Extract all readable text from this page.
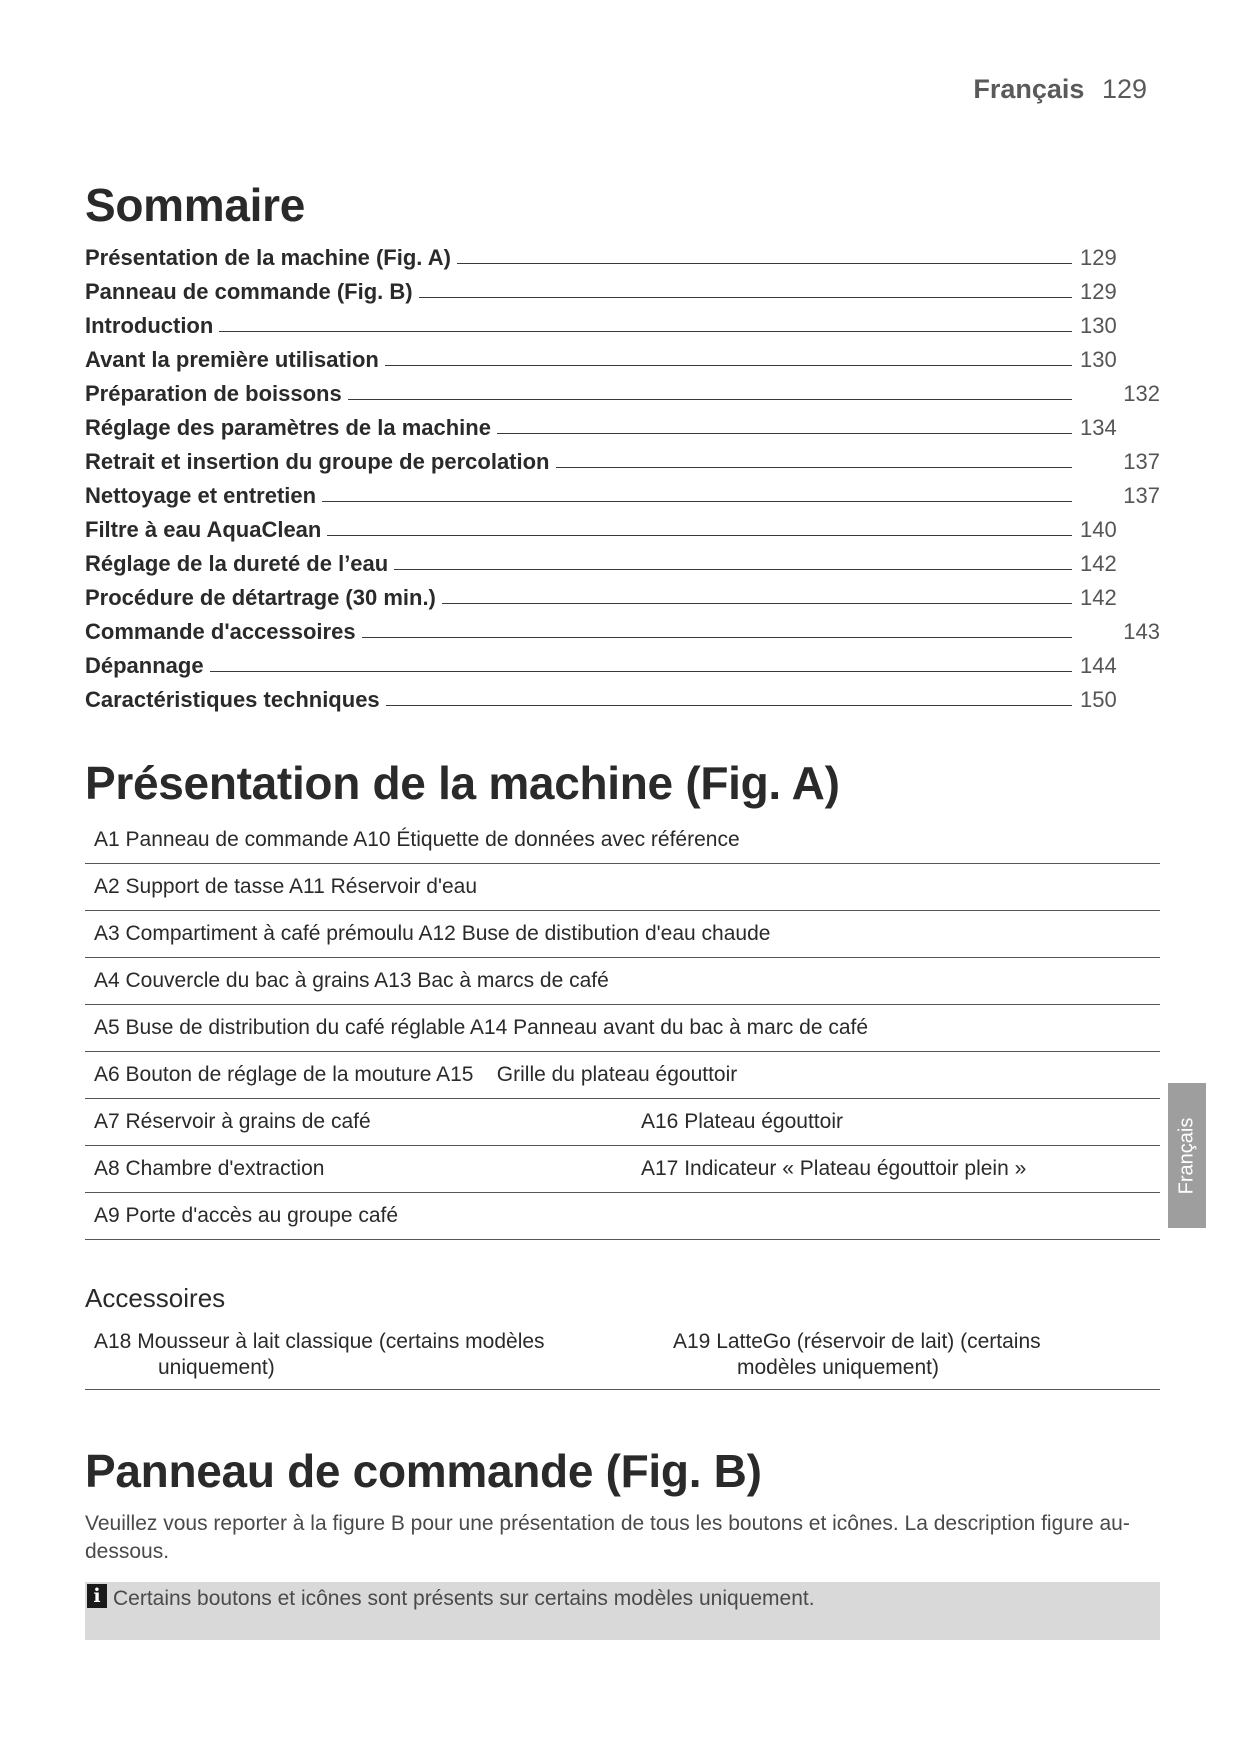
Français 129
Sommaire
Présentation de la machine (Fig. A)	129
Panneau de commande (Fig. B)	129
Introduction	130
Avant la première utilisation	130
Préparation de boissons	132
Réglage des paramètres de la machine	134
Retrait et insertion du groupe de percolation	137
Nettoyage et entretien	137
Filtre à eau AquaClean	140
Réglage de la dureté de l’eau	142
Procédure de détartrage (30 min.)	142
Commande d'accessoires	143
Dépannage	144
Caractéristiques techniques	150
Présentation de la machine (Fig. A)
A1 Panneau de commande A10 Étiquette de données avec référence
A2 Support de tasse A11 Réservoir d'eau
A3 Compartiment à café prémoulu A12 Buse de distibution d'eau chaude
A4 Couvercle du bac à grains A13 Bac à marcs de café
A5 Buse de distribution du café réglable A14 Panneau avant du bac à marc de café
A6 Bouton de réglage de la mouture A15    Grille du plateau égouttoir
A7 Réservoir à grains de café	A16 Plateau égouttoir
A8 Chambre d'extraction	A17 Indicateur « Plateau égouttoir plein »
A9 Porte d'accès au groupe café
Accessoires
A18 Mousseur à lait classique (certains modèles
uniquement)
A19 LatteGo (réservoir de lait) (certains
modèles uniquement)
Panneau de commande (Fig. B)
Veuillez vous reporter à la figure B pour une présentation de tous les boutons et icônes. La description figure au-dessous.
i Certains boutons et icônes sont présents sur certains modèles uniquement.
Français
